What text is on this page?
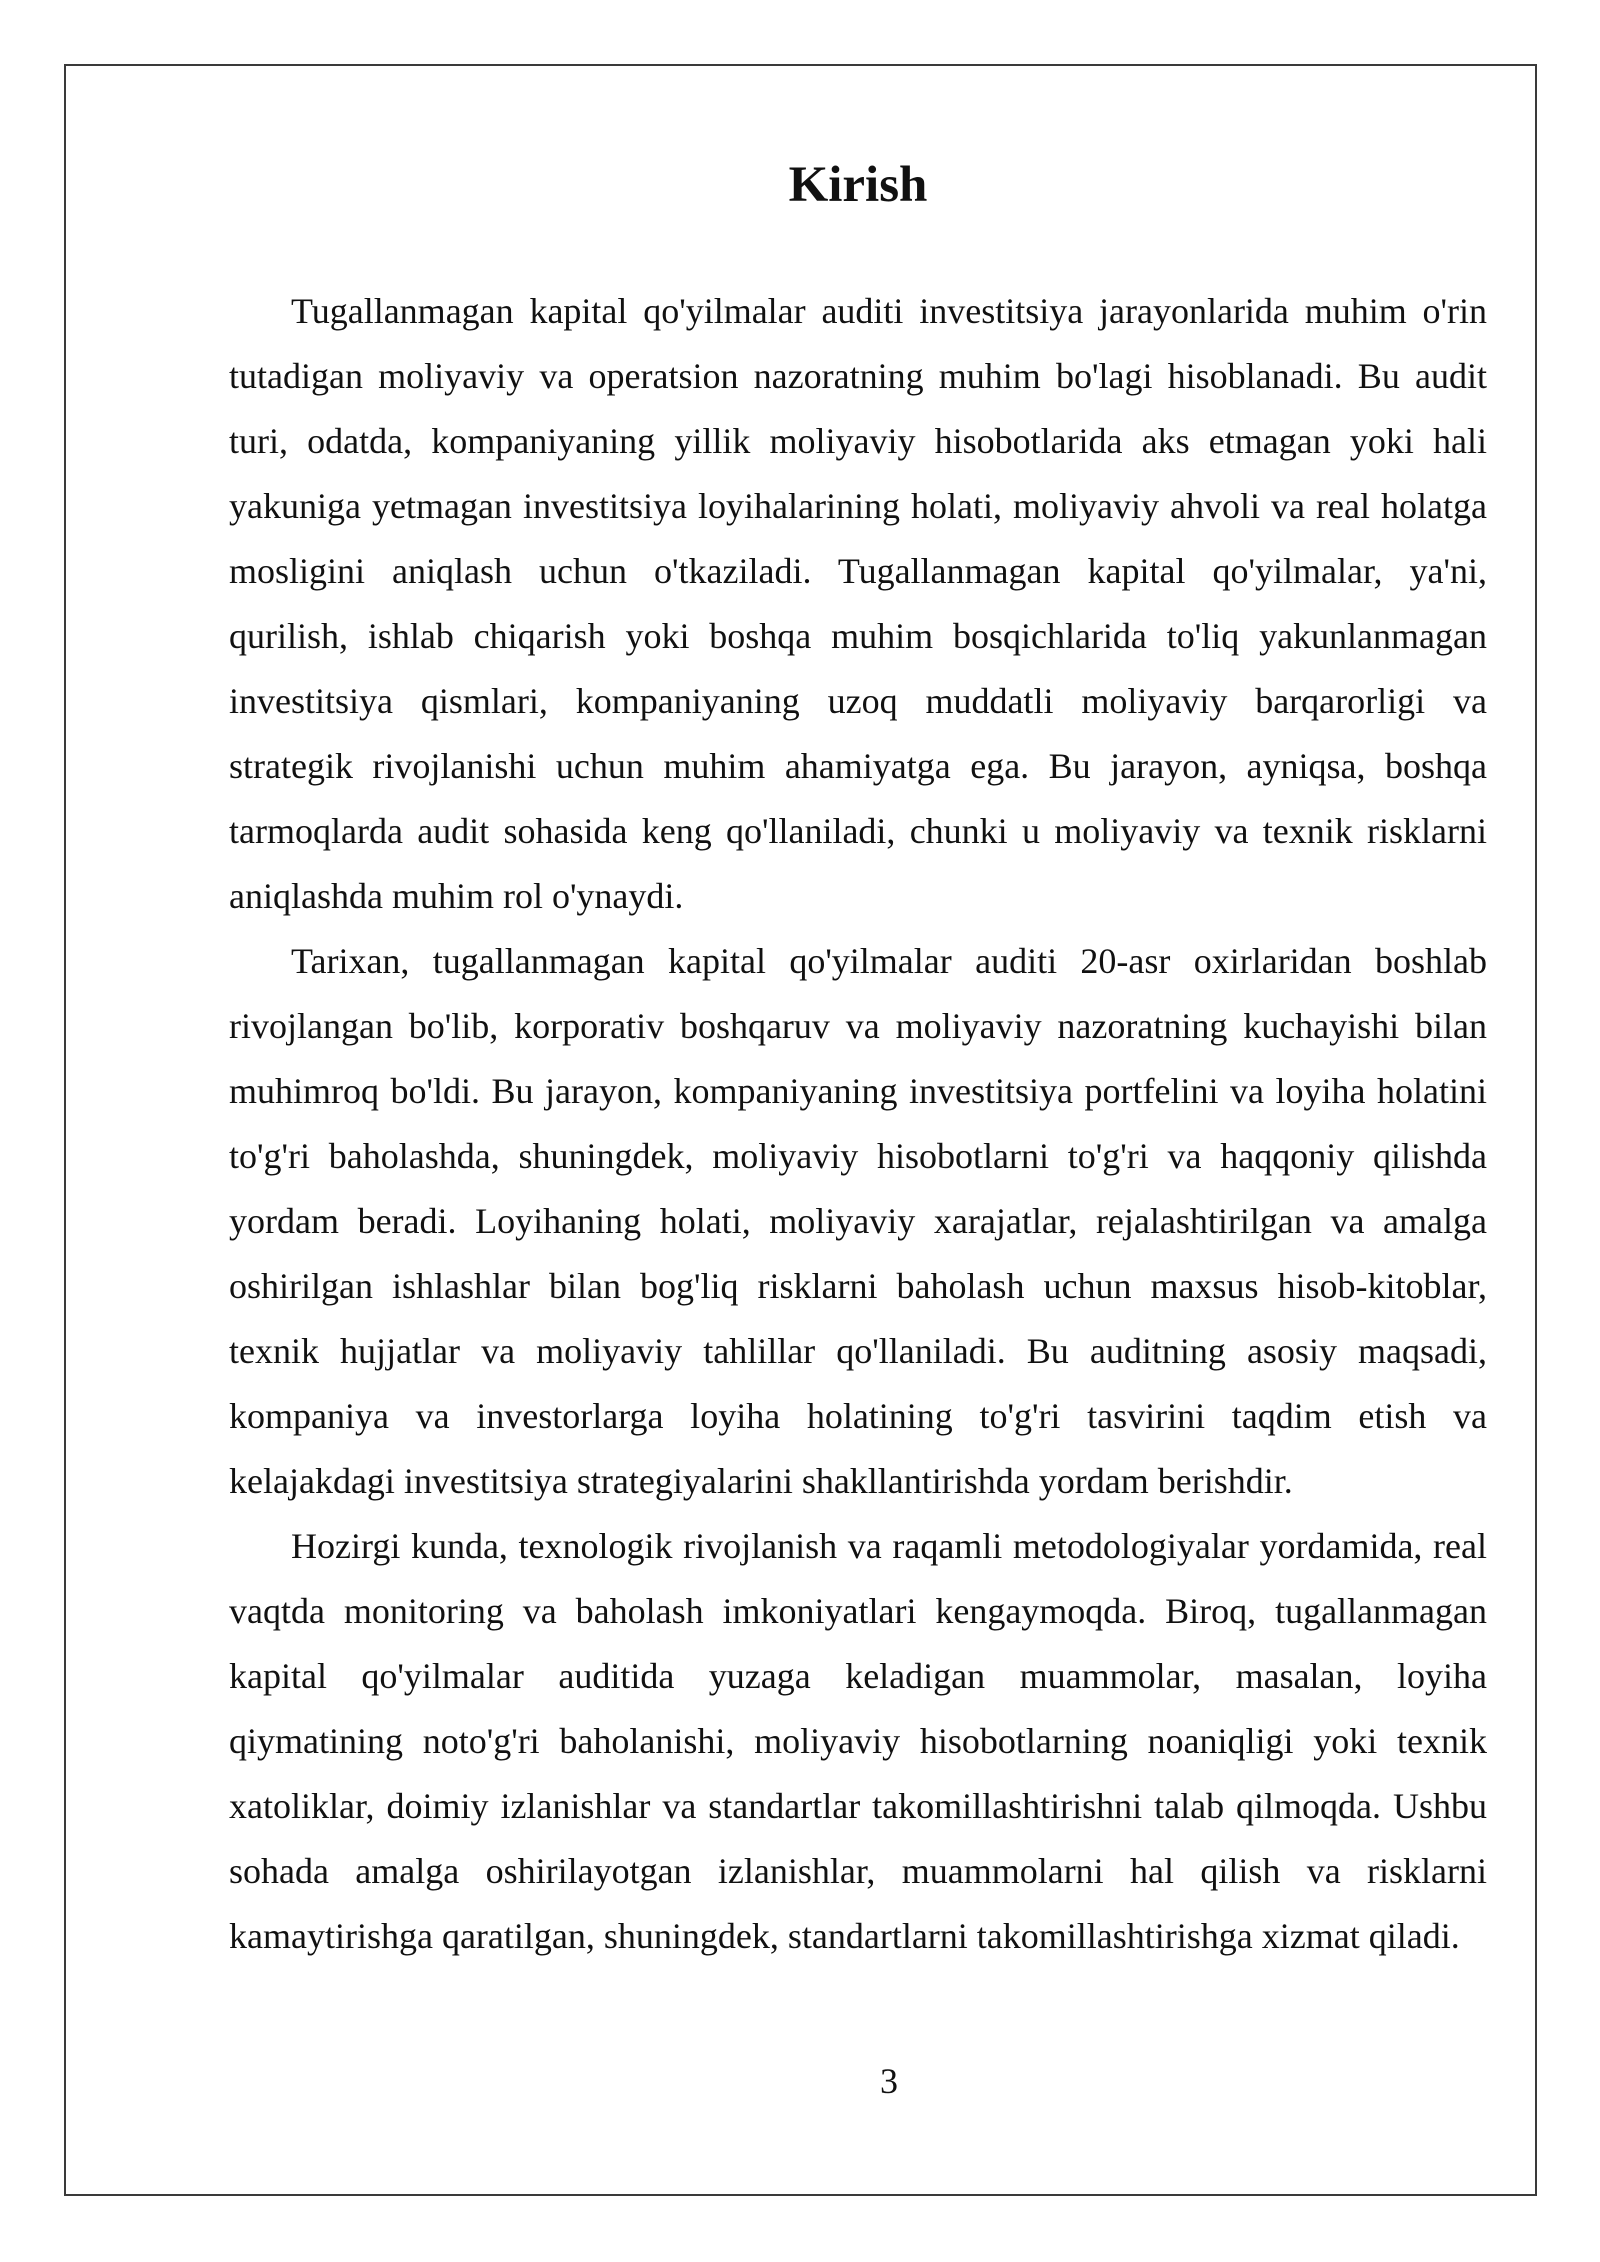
Kirish

Tugallanmagan kapital qo'yilmalar auditi investitsiya jarayonlarida muhim o'rin tutadigan moliyaviy va operatsion nazoratning muhim bo'lagi hisoblanadi. Bu audit turi, odatda, kompaniyaning yillik moliyaviy hisobotlarida aks etmagan yoki hali yakuniga yetmagan investitsiya loyihalarining holati, moliyaviy ahvoli va real holatga mosligini aniqlash uchun o'tkaziladi. Tugallanmagan kapital qo'yilmalar, ya'ni, qurilish, ishlab chiqarish yoki boshqa muhim bosqichlarida to'liq yakunlanmagan investitsiya qismlari, kompaniyaning uzoq muddatli moliyaviy barqarorligi va strategik rivojlanishi uchun muhim ahamiyatga ega. Bu jarayon, ayniqsa, boshqa tarmoqlarda audit sohasida keng qo'llaniladi, chunki u moliyaviy va texnik risklarni aniqlashda muhim rol o'ynaydi.

Tarixan, tugallanmagan kapital qo'yilmalar auditi 20-asr oxirlaridan boshlab rivojlangan bo'lib, korporativ boshqaruv va moliyaviy nazoratning kuchayishi bilan muhimroq bo'ldi. Bu jarayon, kompaniyaning investitsiya portfelini va loyiha holatini to'g'ri baholashda, shuningdek, moliyaviy hisobotlarni to'g'ri va haqqoniy qilishda yordam beradi. Loyihaning holati, moliyaviy xarajatlar, rejalashtirilgan va amalga oshirilgan ishlashlar bilan bog'liq risklarni baholash uchun maxsus hisob-kitoblar, texnik hujjatlar va moliyaviy tahlillar qo'llaniladi. Bu auditning asosiy maqsadi, kompaniya va investorlarga loyiha holatining to'g'ri tasvirini taqdim etish va kelajakdagi investitsiya strategiyalarini shakllantirishda yordam berishdir.

Hozirgi kunda, texnologik rivojlanish va raqamli metodologiyalar yordamida, real vaqtda monitoring va baholash imkoniyatlari kengaymoqda. Biroq, tugallanmagan kapital qo'yilmalar auditida yuzaga keladigan muammolar, masalan, loyiha qiymatining noto'g'ri baholanishi, moliyaviy hisobotlarning noaniqligi yoki texnik xatoliklar, doimiy izlanishlar va standartlar takomillashtirishni talab qilmoqda. Ushbu sohada amalga oshirilayotgan izlanishlar, muammolarni hal qilish va risklarni kamaytirishga qaratilgan, shuningdek, standartlarni takomillashtirishga xizmat qiladi.

3
